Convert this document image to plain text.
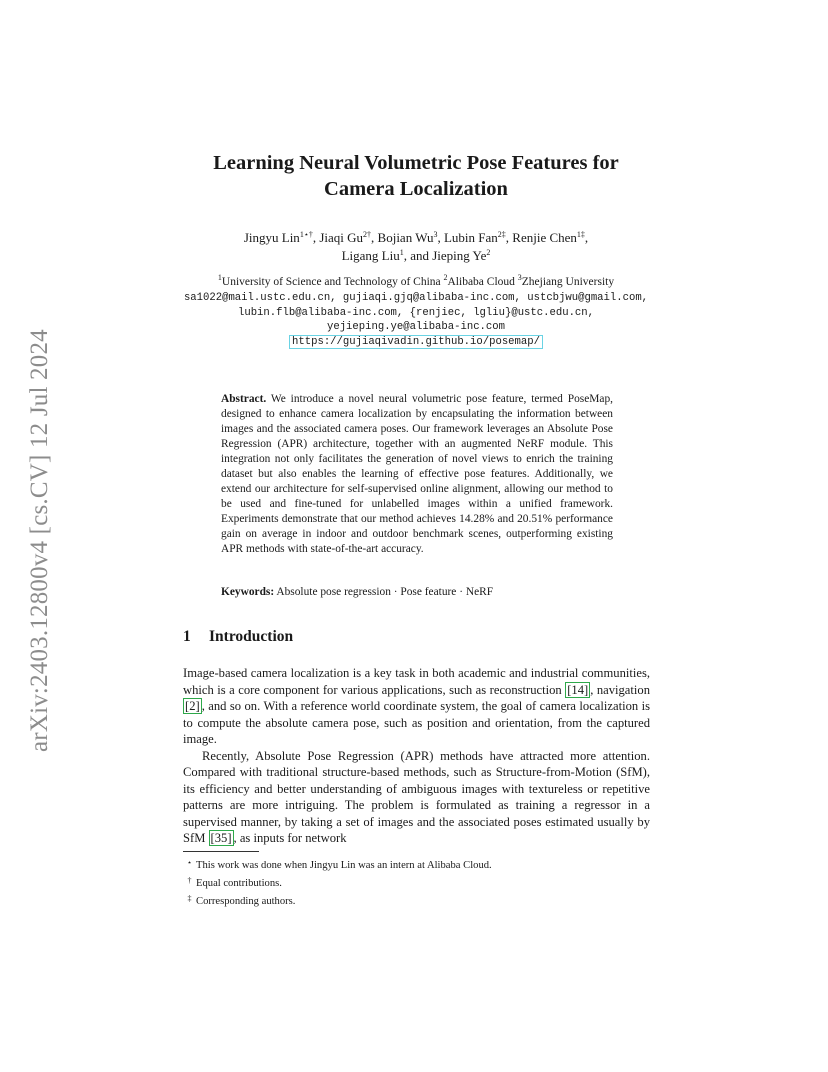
arXiv:2403.12800v4 [cs.CV] 12 Jul 2024
Learning Neural Volumetric Pose Features for
Camera Localization
Jingyu Lin$^{1⋆\dagger}$, Jiaqi $Gu^{2\dagger}$, Bojian Wu$^3$, Lubin Fan$^{2\ddagger}$, Renjie Chen$^{1\ddagger}$,
Ligang Liu$^1$, and Jieping Ye$^2$
$^1$University of Science and Technology of China $^2$Alibaba Cloud $^3$Zhejiang University
sa1022@mail.ustc.edu.cn, gujiaqi.gjq@alibaba-inc.com, ustcbjwu@gmail.com,
lubin.flb@alibaba-inc.com, {renjiec, lgliu}@ustc.edu.cn,
yejieping.ye@alibaba-inc.com
https://gujiaqivadin.github.io/posemap/
Abstract. We introduce a novel neural volumetric pose feature, termed PoseMap, designed to enhance camera localization by encapsulating the information between images and the associated camera poses. Our framework leverages an Absolute Pose Regression (APR) architecture, together with an augmented NeRF module. This integration not only facilitates the generation of novel views to enrich the training dataset but also enables the learning of effective pose features. Additionally, we extend our architecture for self-supervised online alignment, allowing our method to be used and fine-tuned for unlabelled images within a unified framework. Experiments demonstrate that our method achieves 14.28% and 20.51% performance gain on average in indoor and outdoor benchmark scenes, outperforming existing APR methods with state-of-the-art accuracy.
Keywords: Absolute pose regression · Pose feature · NeRF
1 Introduction

Image-based camera localization is a key task in both academic and industrial communities, which is a core component for various applications, such as reconstruction [14] , navigation [2] , and so on. With a reference world coordinate system, the goal of camera localization is to compute the absolute camera pose, such as position and orientation, from the captured image.

Recently, Absolute Pose Regression (APR) methods have attracted more attention. Compared with traditional structure-based methods, such as Structure-from-Motion (SfM), its efficiency and better understanding of ambiguous images with textureless or repetitive patterns are more intriguing. The problem is formulated as training a regressor in a supervised manner, by taking a set of images and the associated poses estimated usually by SfM [35] , as inputs for network

⋆ This work was done when Jingyu Lin was an intern at Alibaba Cloud.
† Equal contributions.
‡ Corresponding authors.
